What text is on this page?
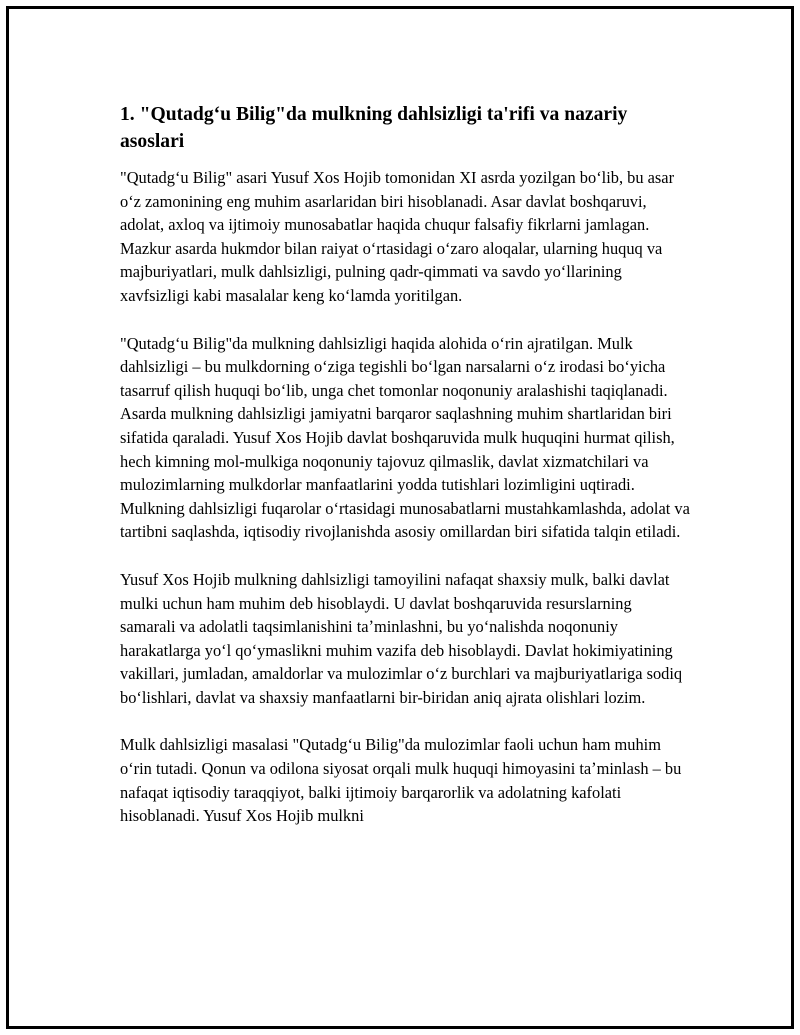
1. "Qutadgʻu Bilig"da mulkning dahlsizligi ta'rifi va nazariy asoslari

"Qutadgʻu Bilig" asari Yusuf Xos Hojib tomonidan XI asrda yozilgan boʻlib, bu asar oʻz zamonining eng muhim asarlaridan biri hisoblanadi. Asar davlat boshqaruvi, adolat, axloq va ijtimoiy munosabatlar haqida chuqur falsafiy fikrlarni jamlagan. Mazkur asarda hukmdor bilan raiyat oʻrtasidagi oʻzaro aloqalar, ularning huquq va majburiyatlari, mulk dahlsizligi, pulning qadr-qimmati va savdo yoʻllarining xavfsizligi kabi masalalar keng koʻlamda yoritilgan.

"Qutadgʻu Bilig"da mulkning dahlsizligi haqida alohida oʻrin ajratilgan. Mulk dahlsizligi – bu mulkdorning oʻziga tegishli boʻlgan narsalarni oʻz irodasi boʻyicha tasarruf qilish huquqi boʻlib, unga chet tomonlar noqonuniy aralashishi taqiqlanadi. Asarda mulkning dahlsizligi jamiyatni barqaror saqlashning muhim shartlaridan biri sifatida qaraladi. Yusuf Xos Hojib davlat boshqaruvida mulk huquqini hurmat qilish, hech kimning mol-mulkiga noqonuniy tajovuz qilmaslik, davlat xizmatchilari va mulozimlarning mulkdorlar manfaatlarini yodda tutishlari lozimligini uqtiradi. Mulkning dahlsizligi fuqarolar oʻrtasidagi munosabatlarni mustahkamlashda, adolat va tartibni saqlashda, iqtisodiy rivojlanishda asosiy omillardan biri sifatida talqin etiladi.

Yusuf Xos Hojib mulkning dahlsizligi tamoyilini nafaqat shaxsiy mulk, balki davlat mulki uchun ham muhim deb hisoblaydi. U davlat boshqaruvida resurslarning samarali va adolatli taqsimlanishini taʼminlashni, bu yoʻnalishda noqonuniy harakatlarga yoʻl qoʻymaslikni muhim vazifa deb hisoblaydi. Davlat hokimiyatining vakillari, jumladan, amaldorlar va mulozimlar oʻz burchlari va majburiyatlariga sodiq boʻlishlari, davlat va shaxsiy manfaatlarni bir-biridan aniq ajrata olishlari lozim.

Mulk dahlsizligi masalasi "Qutadgʻu Bilig"da mulozimlar faoli uchun ham muhim oʻrin tutadi. Qonun va odilona siyosat orqali mulk huquqi himoyasini taʼminlash – bu nafaqat iqtisodiy taraqqiyot, balki ijtimoiy barqarorlik va adolatning kafolati hisoblanadi. Yusuf Xos Hojib mulkni
